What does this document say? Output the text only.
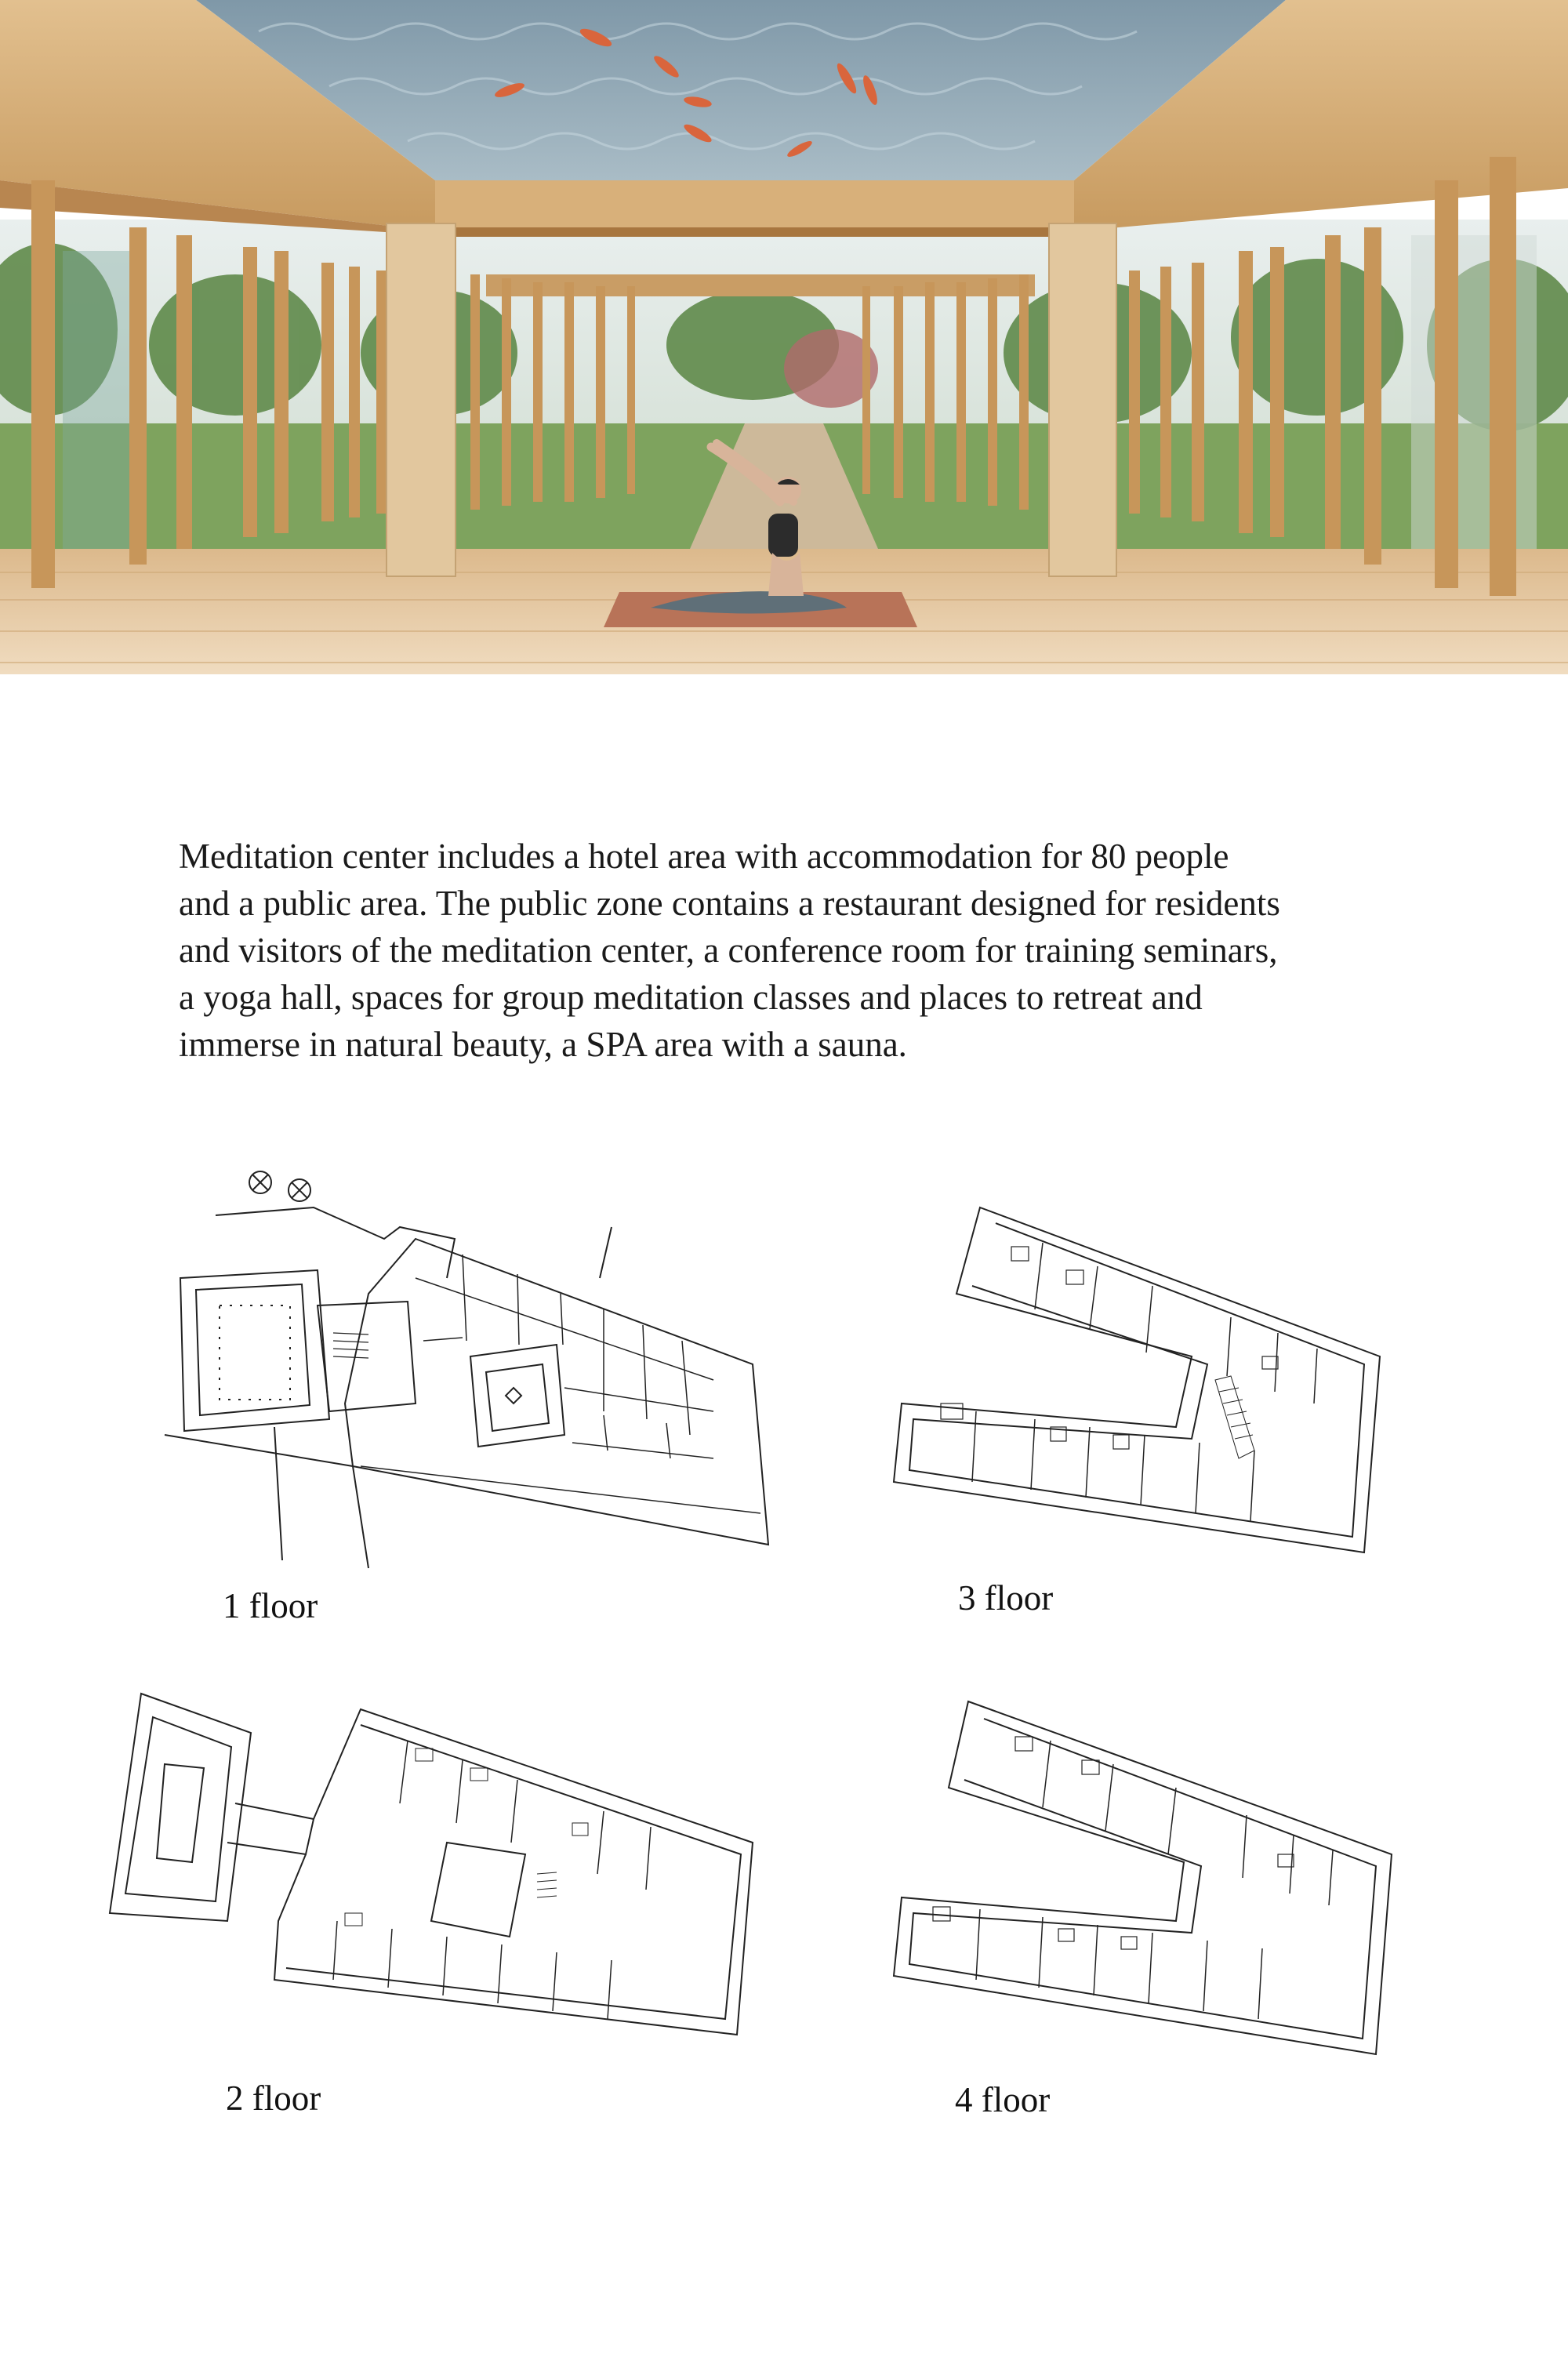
Meditation center includes a hotel area with accommodation for 80 people
and a public area. The public zone contains a restaurant designed for residents
and visitors of the meditation center, a conference room for training seminars,
a yoga hall, spaces for group meditation classes and places to retreat and
immerse in natural beauty, a SPA area with a sauna.
1 floor	3 floor
2 floor	4 floor
